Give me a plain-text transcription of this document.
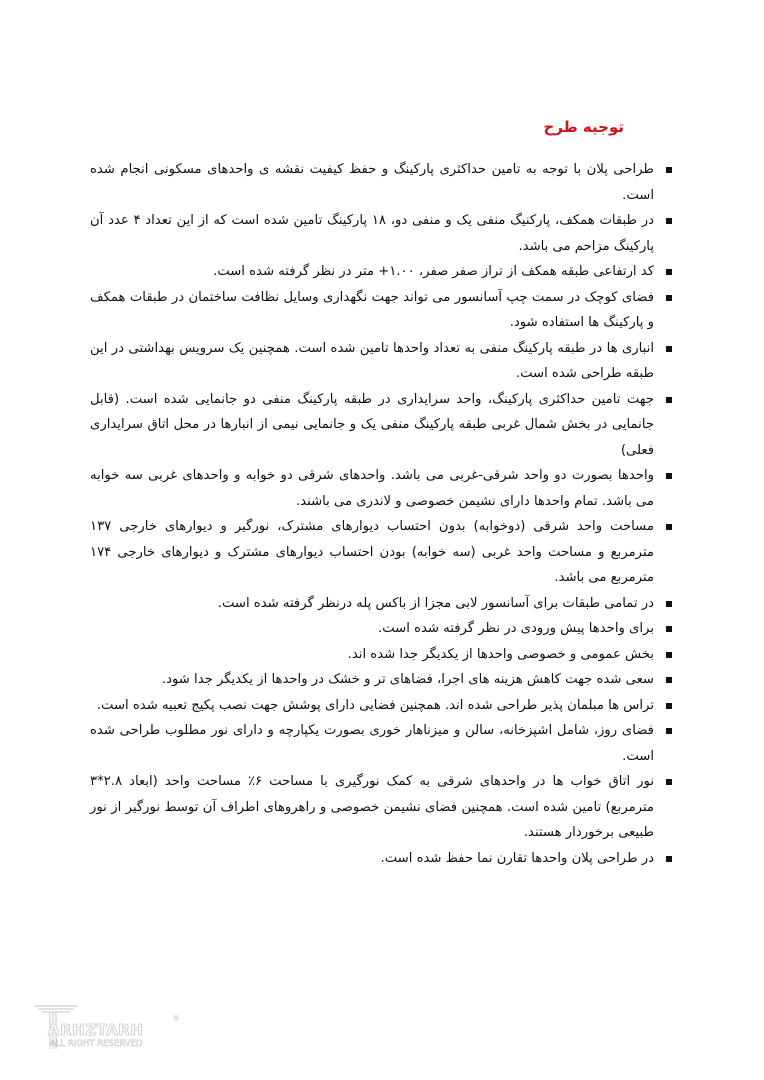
توجیه طرح
طراحی پلان با توجه به تامین حداکثری پارکینگ و حفظ کیفیت نقشه ی واحدهای مسکونی انجام شده است.
در طبقات همکف، پارکنیگ منفی یک و منفی دو، ۱۸ پارکینگ تامین شده است که از این تعداد ۴ عدد آن پارکینگ مزاحم می باشد.
کد ارتفاعی طبقه همکف از تراز صفر صفر، ۱.۰۰+ متر در نظر گرفته شده است.
فضای کوچک در سمت چپ آسانسور می تواند جهت نگهداری وسایل نظافت ساختمان در طبقات همکف و پارکینگ ها استفاده شود.
انباری ها در طبقه پارکینگ منفی به تعداد واحدها تامین شده است. همچنین یک سرویس بهداشتی در این طبقه طراحی شده است.
جهت تامین حداکثری پارکینگ، واحد سرایداری در طبقه پارکینگ منفی دو جانمایی شده است. (قابل جانمایی در بخش شمال غربی طبقه پارکینگ منفی یک و جانمایی نیمی از انبارها در محل اتاق سرایداری فعلی)
واحدها بصورت دو واحد شرقی-غربی می باشد. واحدهای شرقی دو خوابه و واحدهای غربی سه خوابه می باشد. تمام واحدها دارای نشیمن خصوصی و لاندری می باشند.
مساحت واحد شرقی (دوخوابه) بدون احتساب دیوارهای مشترک، نورگیر و دیوارهای خارجی ۱۳۷ مترمربع و مساحت واحد غربی (سه خوابه) بودن احتساب دیوارهای مشترک و دیوارهای خارجی ۱۷۴ مترمربع می باشد.
در تمامی طبقات برای آسانسور لابی مجزا از باکس پله درنظر گرفته شده است.
برای واحدها پیش ورودی در نظر گرفته شده است.
بخش عمومی و خصوصی واحدها از یکدیگر جدا شده اند.
سعی شده جهت کاهش هزینه های اجرا، فضاهای تر و خشک در واحدها از یکدیگر جدا شود.
تراس ها مبلمان پذیر طراحی شده اند. همچنین فضایی دارای پوشش جهت نصب پکیج تعبیه شده است.
فضای روز، شامل اشپزخانه، سالن و میزناهار خوری بصورت یکپارچه و دارای نور مطلوب طراحی شده است.
نور اتاق خواب ها در واحدهای شرقی به کمک نورگیری با مساحت ۶٪ مساحت واحد (ابعاد ۲.۸*۳ مترمربع) تامین شده است. همچنین فضای نشیمن خصوصی و راهروهای اطراف آن توسط نورگیر از نور طبیعی برخوردار هستند.
در طراحی پلان واحدها تقارن نما حفظ شده است.
ARHZTARH
ALL RIGHT RESERVED
®
